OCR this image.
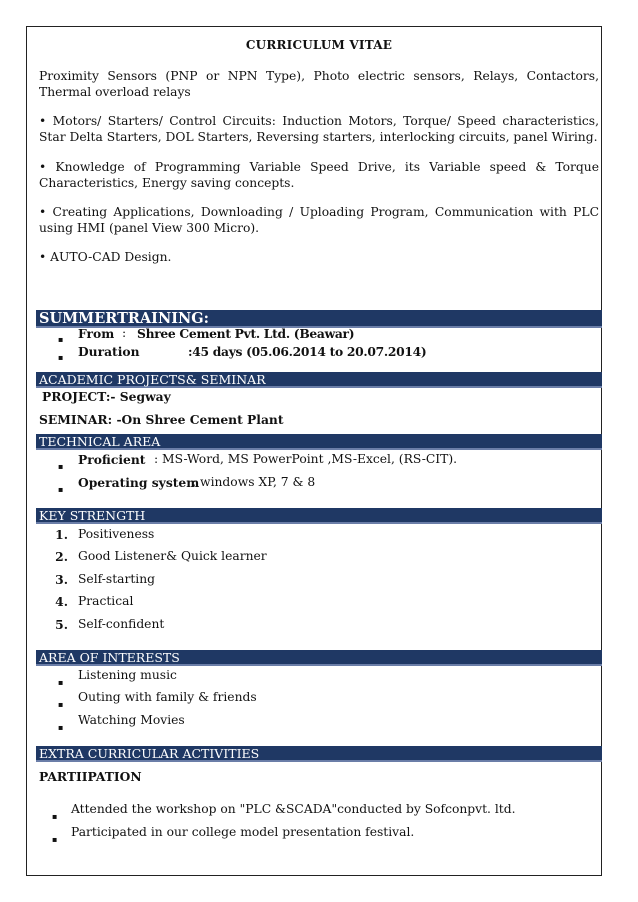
CURRICULUM VITAE
Proximity Sensors (PNP or NPN Type), Photo electric sensors, Relays, Contactors, Thermal overload relays
• Motors/ Starters/ Control Circuits: Induction Motors, Torque/ Speed characteristics, Star Delta Starters, DOL Starters, Reversing starters, interlocking circuits, panel Wiring.
• Knowledge of Programming Variable Speed Drive, its Variable speed & Torque Characteristics, Energy saving concepts.
• Creating Applications, Downloading / Uploading Program, Communication with PLC using HMI (panel View 300 Micro).
• AUTO-CAD Design.
SUMMERTRAINING:
▪ From : Shree Cement Pvt. Ltd. (Beawar)
▪ Duration	:45 days (05.06.2014 to 20.07.2014)
ACADEMIC PROJECTS& SEMINAR
PROJECT:- Segway
SEMINAR: -On Shree Cement Plant
TECHNICAL AREA
▪ Proficient : MS-Word, MS PowerPoint ,MS-Excel, (RS-CIT).
▪ Operating system
: windows XP, 7 & 8
KEY STRENGTH
1. Positiveness
2. Good Listener& Quick learner
3. Self-starting
4. Practical
5. Self-confident
AREA OF INTERESTS
▪
Listening music
▪
Outing with family & friends
▪
Watching Movies
EXTRA CURRICULAR ACTIVITIES
PARTIIPATION
▪
Attended the workshop on "PLC &SCADA"conducted by Sofconpvt. ltd.
▪
Participated in our college model presentation festival.
